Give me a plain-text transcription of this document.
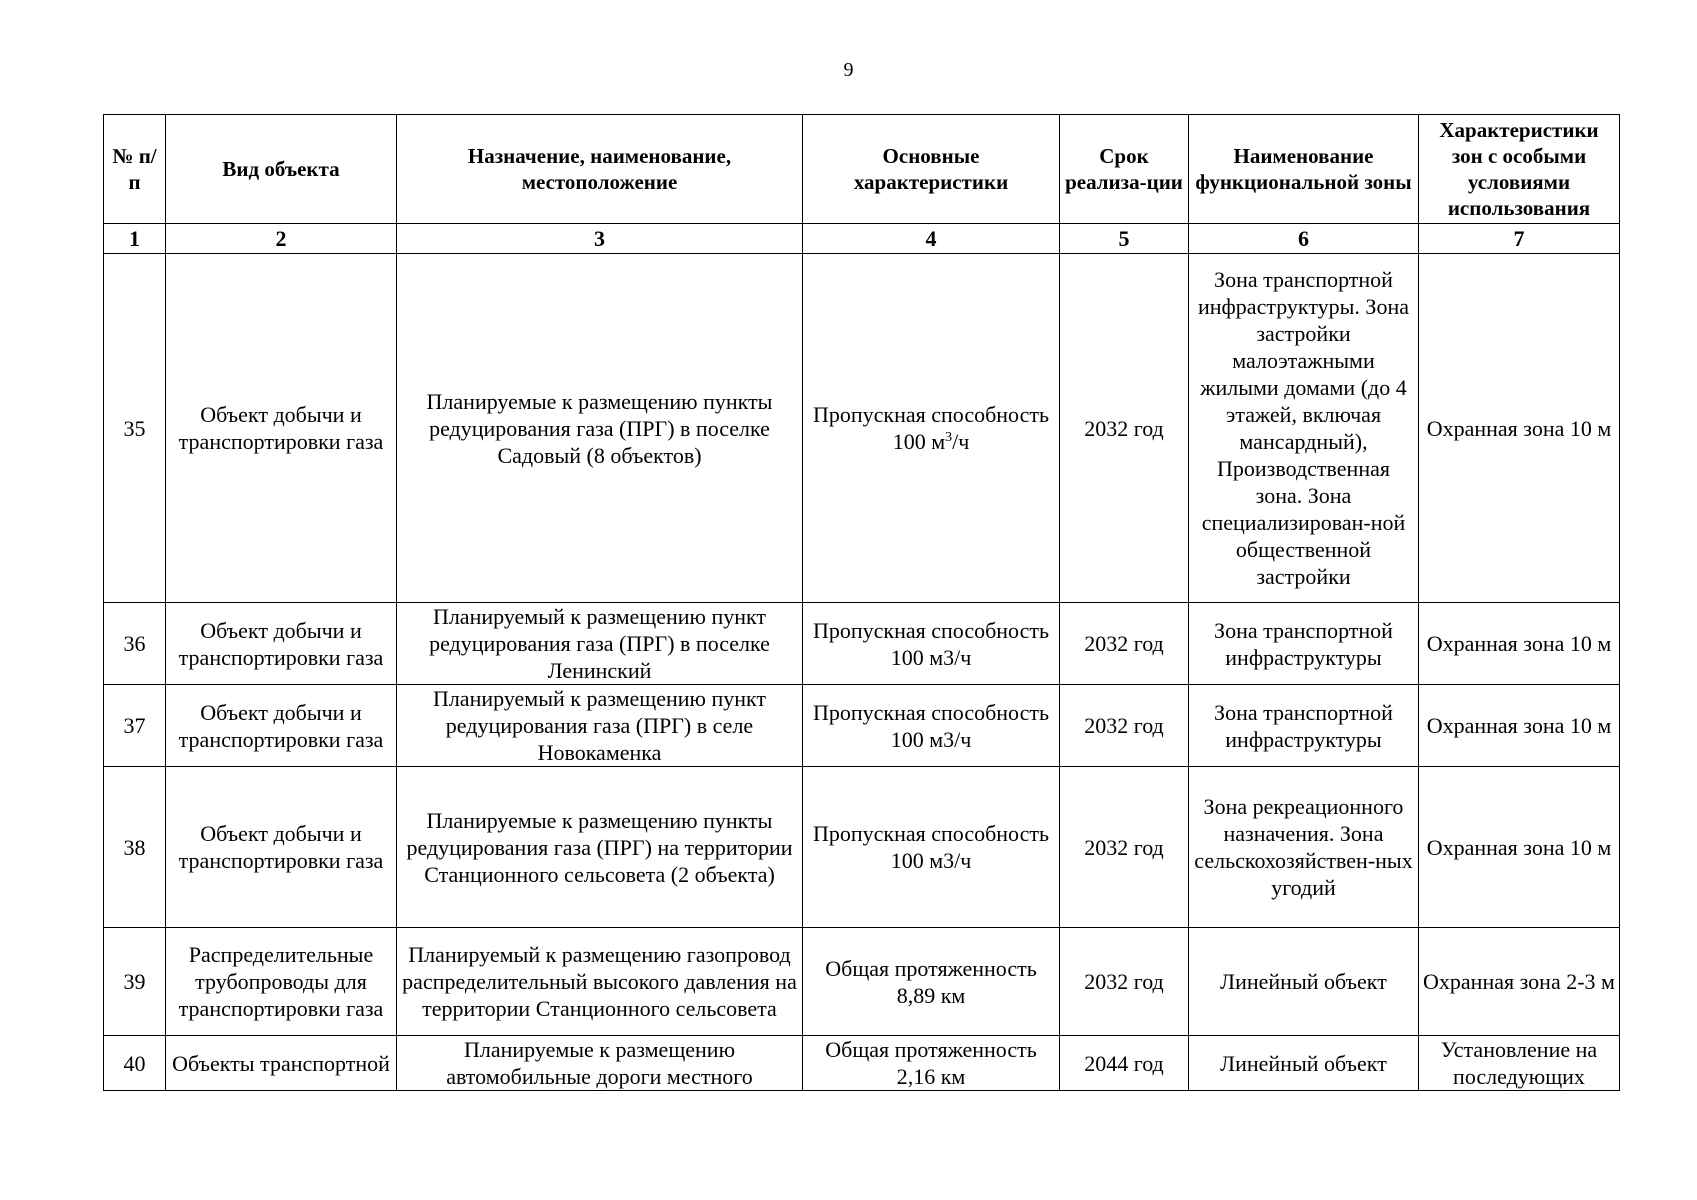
9
№ п/п	Вид объекта	Назначение, наименование, местоположение	Основные характеристики	Срок реализа-ции	Наименование функциональной зоны	Характеристики зон с особыми условиями использования
1	2	3	4	5	6	7
35	Объект добычи и транспортировки газа	Планируемые к размещению пункты редуцирования газа (ПРГ) в поселке Садовый (8 объектов)	Пропускная способность 100 $м^3/ч$	2032 год	Зона транспортной инфраструктуры. Зона застройки малоэтажными жилыми домами (до 4 этажей, включая мансардный), Производственная зона. Зона специализирован-ной общественной застройки	Охранная зона 10 м
36	Объект добычи и транспортировки газа	Планируемый к размещению пункт редуцирования газа (ПРГ) в поселке Ленинский	Пропускная способность 100 м3/ч	2032 год	Зона транспортной инфраструктуры	Охранная зона 10 м
37	Объект добычи и транспортировки газа	Планируемый к размещению пункт редуцирования газа (ПРГ) в селе Новокаменка	Пропускная способность 100 м3/ч	2032 год	Зона транспортной инфраструктуры	Охранная зона 10 м
38	Объект добычи и транспортировки газа	Планируемые к размещению пункты редуцирования газа (ПРГ) на территории Станционного сельсовета (2 объекта)	Пропускная способность 100 м3/ч	2032 год	Зона рекреационного назначения. Зона сельскохозяйствен-ных угодий	Охранная зона 10 м
39	Распределительные трубопроводы для транспортировки газа	Планируемый к размещению газопровод распределительный высокого давления на территории Станционного сельсовета	Общая протяженность 8,89 км	2032 год	Линейный объект	Охранная зона 2-3 м
40	Объекты транспортной	Планируемые к размещению автомобильные дороги местного	Общая протяженность 2,16 км	2044 год	Линейный объект	Установление на последующих
